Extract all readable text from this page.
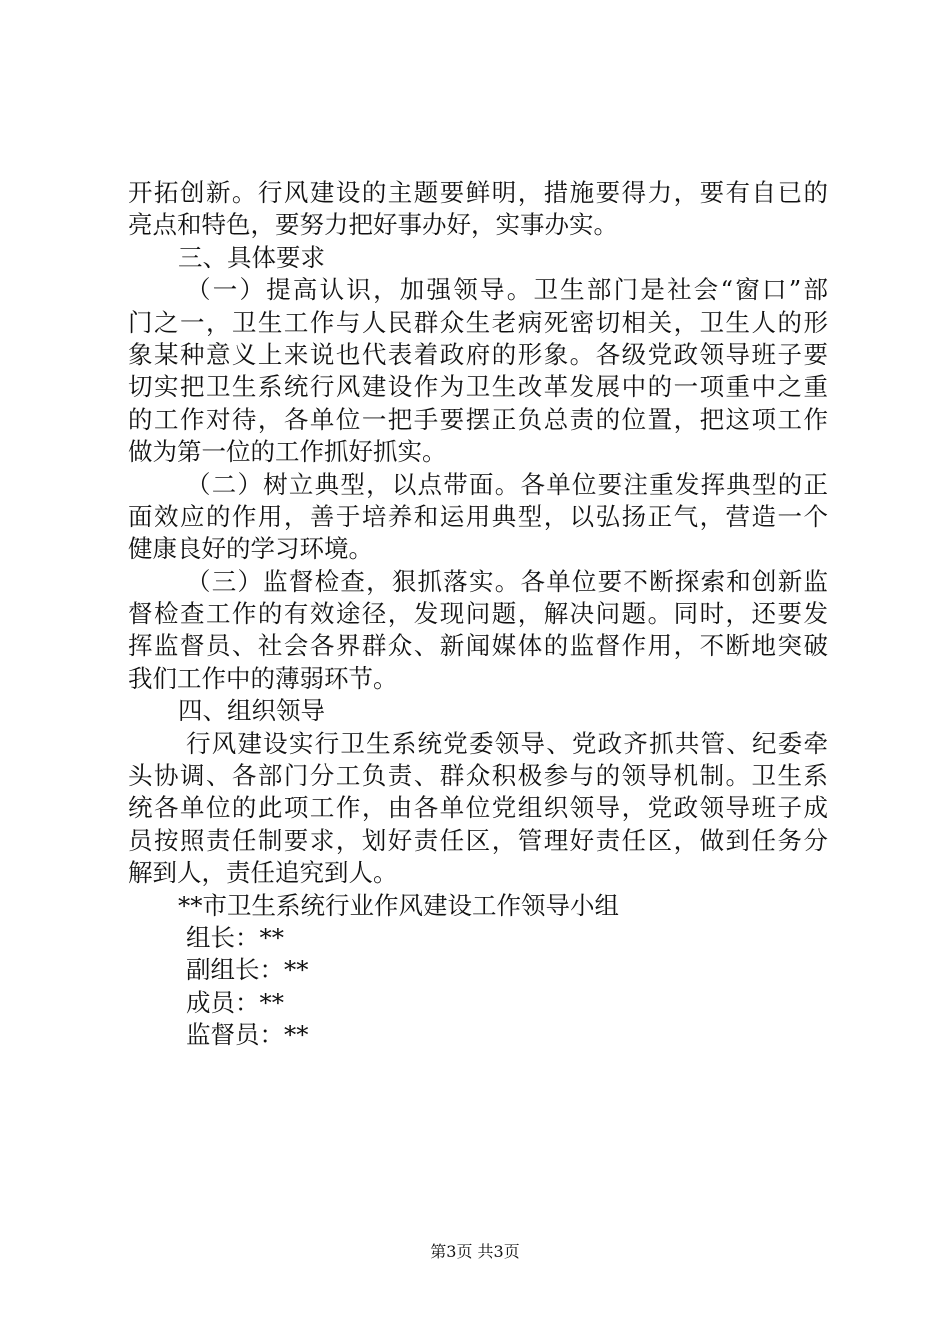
开拓创新。行风建设的主题要鲜明，措施要得力，要有自已的
亮点和特色，要努力把好事办好，实事办实。
三、具体要求
（一）提高认识，加强领导。卫生部门是社会“窗口”部
门之一，卫生工作与人民群众生老病死密切相关，卫生人的形
象某种意义上来说也代表着政府的形象。各级党政领导班子要
切实把卫生系统行风建设作为卫生改革发展中的一项重中之重
的工作对待，各单位一把手要摆正负总责的位置，把这项工作
做为第一位的工作抓好抓实。
（二）树立典型，以点带面。各单位要注重发挥典型的正
面效应的作用，善于培养和运用典型，以弘扬正气，营造一个
健康良好的学习环境。
（三）监督检查，狠抓落实。各单位要不断探索和创新监
督检查工作的有效途径，发现问题，解决问题。同时，还要发
挥监督员、社会各界群众、新闻媒体的监督作用，不断地突破
我们工作中的薄弱环节。
四、组织领导
行风建设实行卫生系统党委领导、党政齐抓共管、纪委牵
头协调、各部门分工负责、群众积极参与的领导机制。卫生系
统各单位的此项工作，由各单位党组织领导，党政领导班子成
员按照责任制要求，划好责任区，管理好责任区，做到任务分
解到人，责任追究到人。
**市卫生系统行业作风建设工作领导小组
组长：**
副组长：**
成员：**
监督员：**
第3页 共3页
